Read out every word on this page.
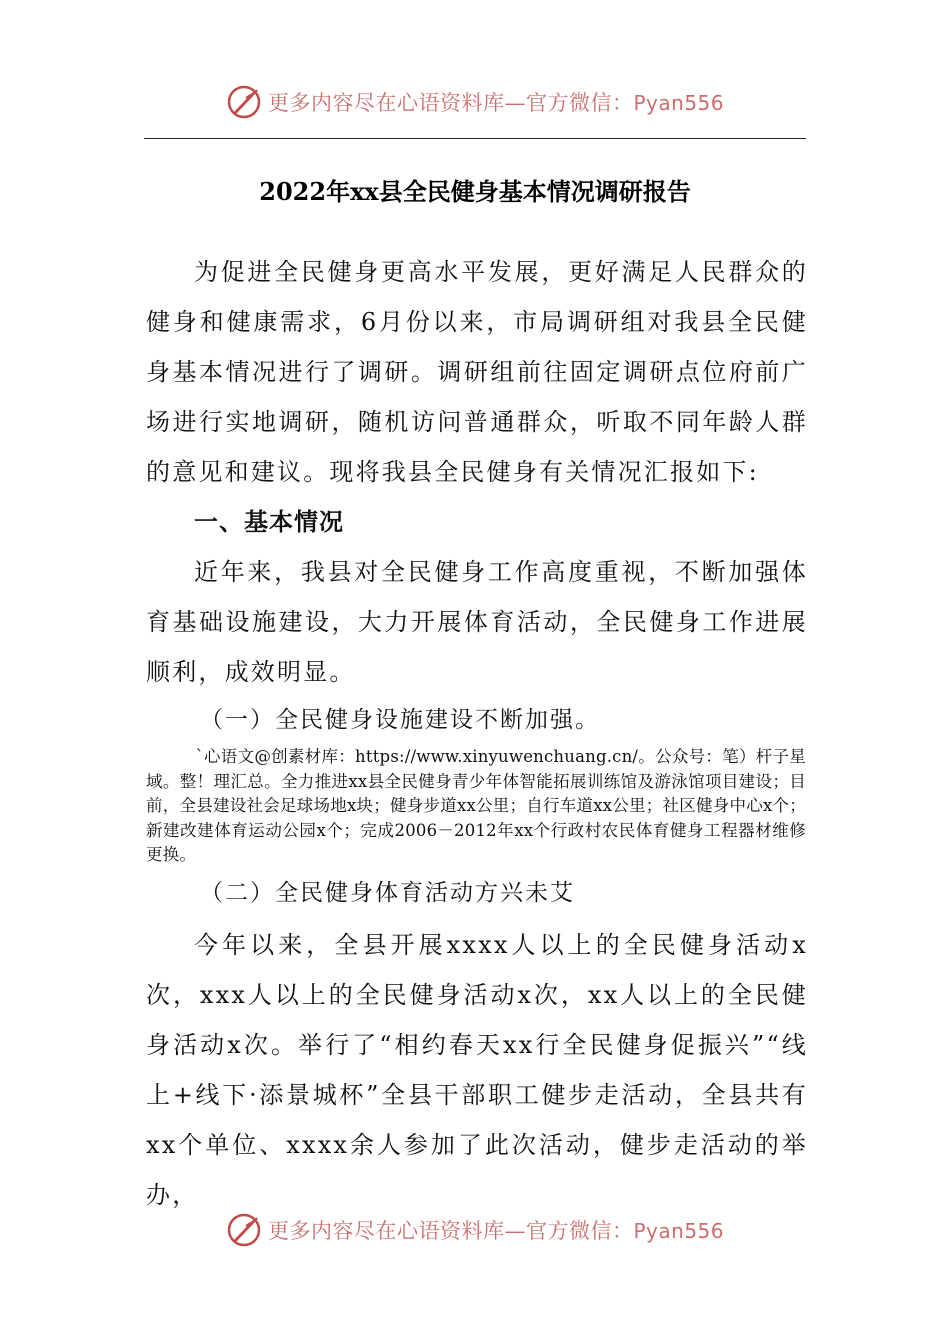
更多内容尽在心语资料库—官方微信：Pyan556
2022年xx县全民健身基本情况调研报告

为促进全民健身更高水平发展，更好满足人民群众的健身和健康需求，6月份以来，市局调研组对我县全民健身基本情况进行了调研。调研组前往固定调研点位府前广场进行实地调研，随机访问普通群众，听取不同年龄人群的意见和建议。现将我县全民健身有关情况汇报如下:

一、基本情况

近年来，我县对全民健身工作高度重视，不断加强体育基础设施建设，大力开展体育活动，全民健身工作进展顺利，成效明显。

（一）全民健身设施建设不断加强。

`心语文@创素材库：https://www.xinyuwenchuang.cn/。公众号：笔）杆子星域。整！理汇总。全力推进xx县全民健身青少年体智能拓展训练馆及游泳馆项目建设；目前，全县建设社会足球场地x块；健身步道xx公里；自行车道xx公里；社区健身中心x个；新建改建体育运动公园x个；完成2006－2012年xx个行政村农民体育健身工程器材维修更换。

（二）全民健身体育活动方兴未艾

今年以来，全县开展xxxx人以上的全民健身活动x次，xxx人以上的全民健身活动x次，xx人以上的全民健身活动x次。举行了“相约春天xx行全民健身促振兴”“线上+线下·添景城杯”全县干部职工健步走活动，全县共有xx个单位、xxxx余人参加了此次活动，健步走活动的举办，

更多内容尽在心语资料库—官方微信：Pyan556
